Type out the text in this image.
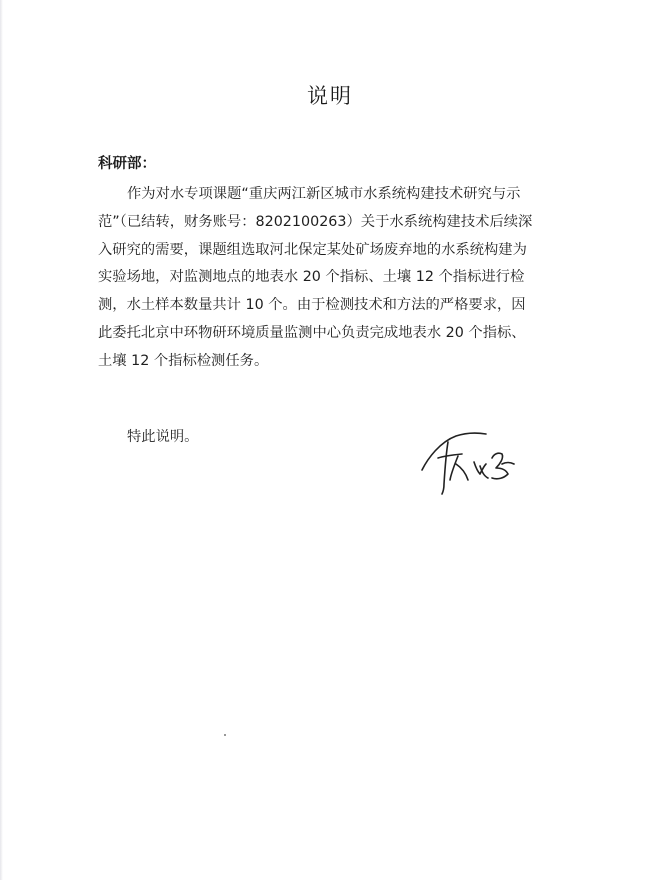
说明
科研部：
作为对水专项课题“重庆两江新区城市水系统构建技术研究与示
范”（已结转，财务账号：8202100263）关于水系统构建技术后续深
入研究的需要，课题组选取河北保定某处矿场废弃地的水系统构建为
实验场地，对监测地点的地表水 20 个指标、土壤 12 个指标进行检
测，水土样本数量共计 10 个。由于检测技术和方法的严格要求，因
此委托北京中环物研环境质量监测中心负责完成地表水 20 个指标、
土壤 12 个指标检测任务。
特此说明。
